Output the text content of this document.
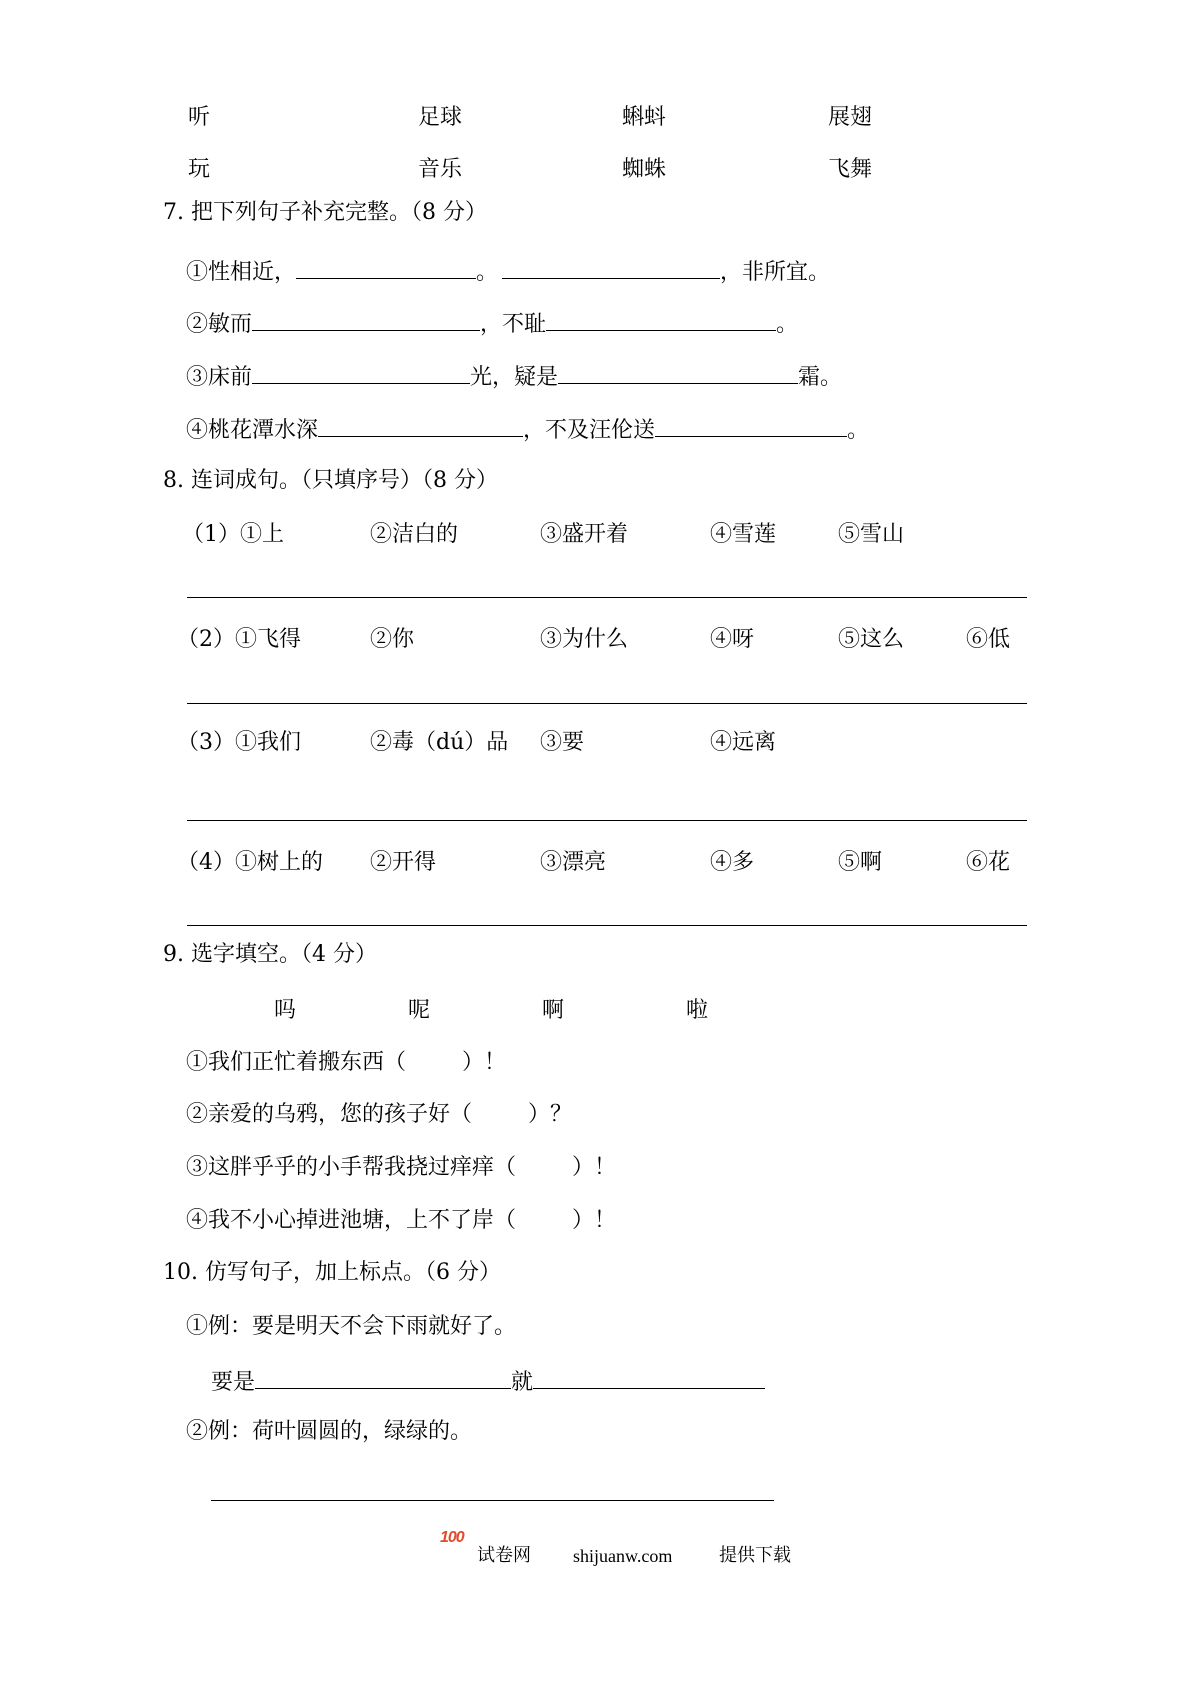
听	足球	蝌蚪	展翅
玩	音乐	蜘蛛	飞舞
7. 把下列句子补充完整。（8 分）
①性相近，	。	，非所宜。
②敏而	，不耻	。
③床前	光，疑是	霜。
④桃花潭水深	，不及汪伦送	。
8. 连词成句。（只填序号）（8 分）
（1）①上	②洁白的	③盛开着	④雪莲	⑤雪山
（2）①飞得	②你	③为什么	④呀	⑤这么	⑥低
（3）①我们	②毒（dú）品 ③要	④远离
（4）①树上的 ②开得	③漂亮	④多	⑤啊	⑥花
9. 选字填空。（4 分）
吗	呢	啊	啦
①我们正忙着搬东西（	）！
②亲爱的乌鸦，您的孩子好（	）？
③这胖乎乎的小手帮我挠过痒痒（	）！
④我不小心掉进池塘，上不了岸（	）！
10. 仿写句子，加上标点。（6 分）
①例：要是明天不会下雨就好了。
要是	就
②例：荷叶圆圆的，绿绿的。
100
试卷网 shijuanw.com	提供下载
